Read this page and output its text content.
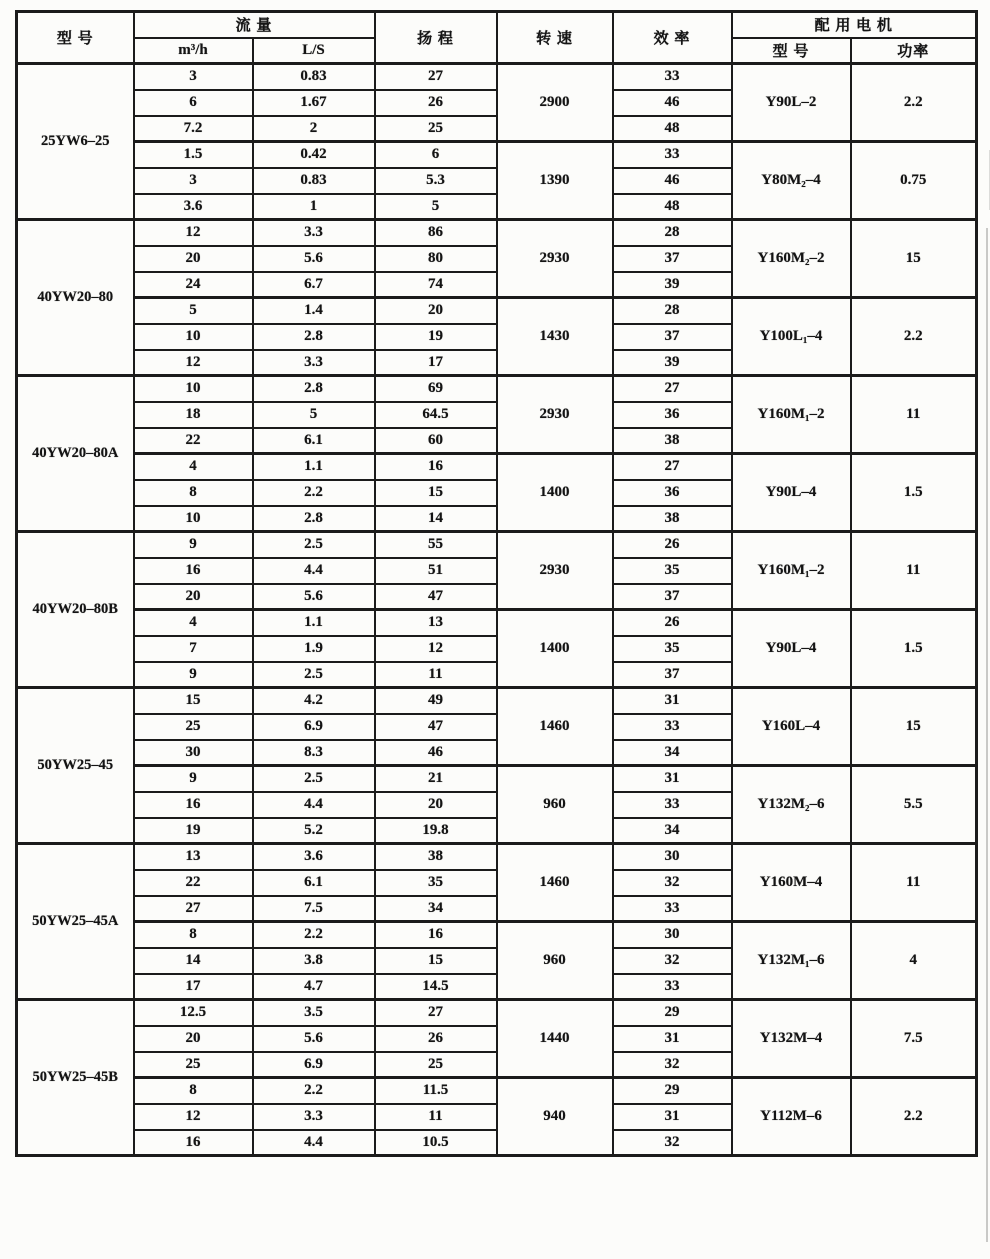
型 号	流 量		扬 程	转 速	效 率	配 用 电 机	
	m³/h	L/S				型 号	功率
25YW6–25	3	0.83	27	2900	33	Y90L–2	2.2
	6	1.67	26		46		
	7.2	2	25		48		
	1.5	0.42	6	1390	33	Y80M₂–4	0.75
	3	0.83	5.3		46		
	3.6	1	5		48		
40YW20–80	12	3.3	86	2930	28	Y160M₂–2	15
	20	5.6	80		37		
	24	6.7	74		39		
	5	1.4	20	1430	28	Y100L₁–4	2.2
	10	2.8	19		37		
	12	3.3	17		39		
40YW20–80A	10	2.8	69	2930	27	Y160M₁–2	11
	18	5	64.5		36		
	22	6.1	60		38		
	4	1.1	16	1400	27	Y90L–4	1.5
	8	2.2	15		36		
	10	2.8	14		38		
40YW20–80B	9	2.5	55	2930	26	Y160M₁–2	11
	16	4.4	51		35		
	20	5.6	47		37		
	4	1.1	13	1400	26	Y90L–4	1.5
	7	1.9	12		35		
	9	2.5	11		37		
50YW25–45	15	4.2	49	1460	31	Y160L–4	15
	25	6.9	47		33		
	30	8.3	46		34		
	9	2.5	21	960	31	Y132M₂–6	5.5
	16	4.4	20		33		
	19	5.2	19.8		34		
50YW25–45A	13	3.6	38	1460	30	Y160M–4	11
	22	6.1	35		32		
	27	7.5	34		33		
	8	2.2	16	960	30	Y132M₁–6	4
	14	3.8	15		32		
	17	4.7	14.5		33		
50YW25–45B	12.5	3.5	27	1440	29	Y132M–4	7.5
	20	5.6	26		31		
	25	6.9	25		32		
	8	2.2	11.5	940	29	Y112M–6	2.2
	12	3.3	11		31		
	16	4.4	10.5		32		
